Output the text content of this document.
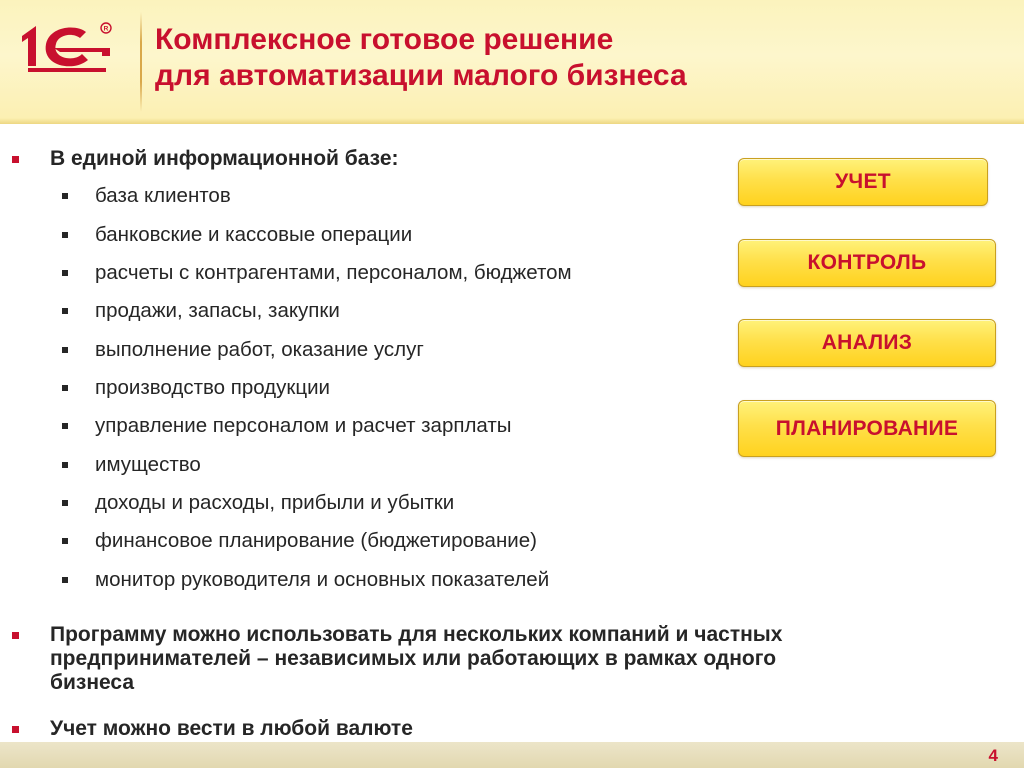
R Комплексное готовое решение
для автоматизации малого бизнеса
В единой информационной базе:
база клиентов
банковские и кассовые операции
расчеты с контрагентами, персоналом, бюджетом
продажи, запасы, закупки
выполнение работ, оказание услуг
производство продукции
управление персоналом и расчет зарплаты
имущество
доходы и расходы, прибыли и убытки
финансовое планирование (бюджетирование)
монитор руководителя и основных показателей
УЧЕТ
КОНТРОЛЬ
АНАЛИЗ
ПЛАНИРОВАНИЕ
Программу можно использовать для нескольких компаний и частных
предпринимателей – независимых или работающих в рамках одного
бизнеса
Учет можно вести в любой валюте
4
